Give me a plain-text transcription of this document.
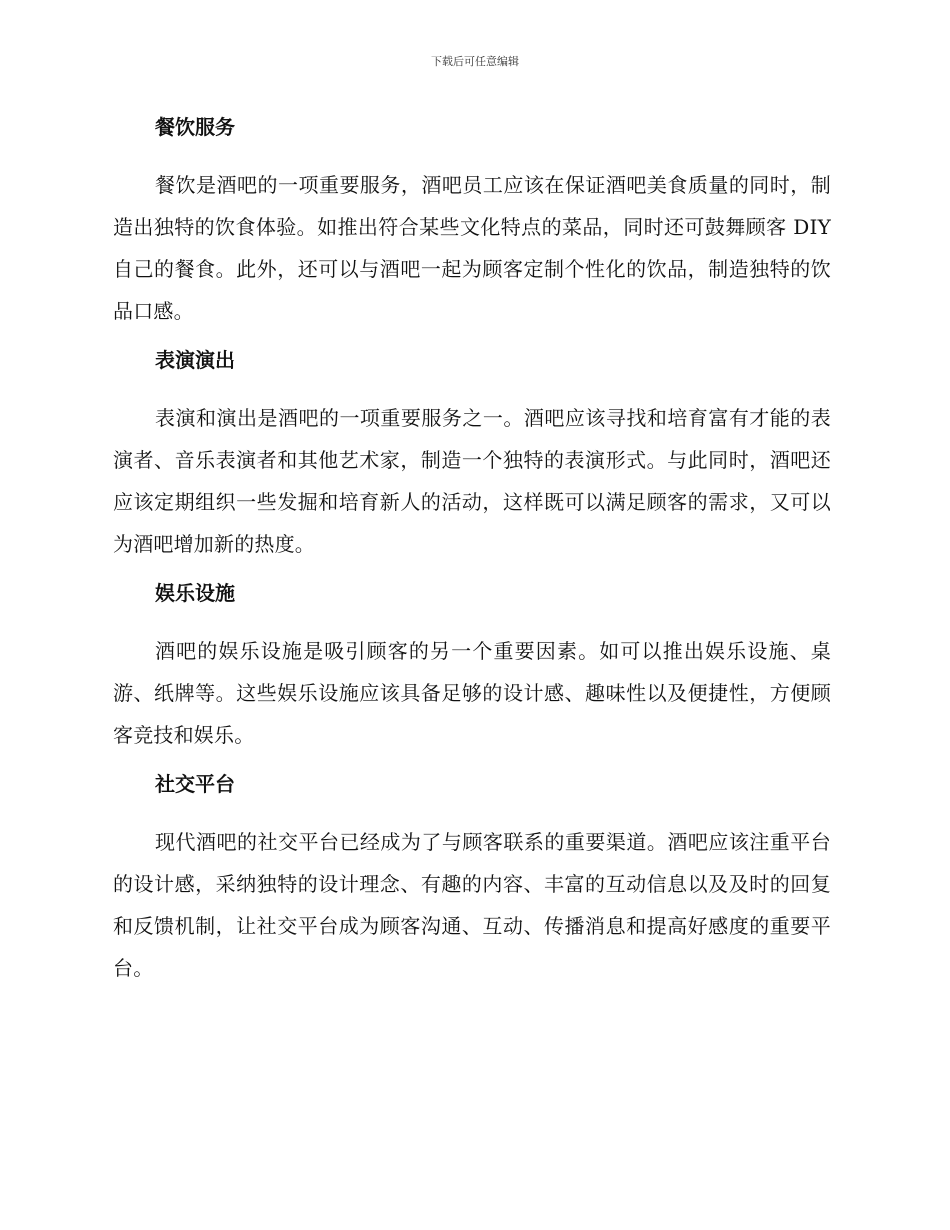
下载后可任意编辑
餐饮服务

餐饮是酒吧的一项重要服务，酒吧员工应该在保证酒吧美食质量的同时，制造出独特的饮食体验。如推出符合某些文化特点的菜品，同时还可鼓舞顾客 DIY 自己的餐食。此外，还可以与酒吧一起为顾客定制个性化的饮品，制造独特的饮品口感。

表演演出

表演和演出是酒吧的一项重要服务之一。酒吧应该寻找和培育富有才能的表演者、音乐表演者和其他艺术家，制造一个独特的表演形式。与此同时，酒吧还应该定期组织一些发掘和培育新人的活动，这样既可以满足顾客的需求，又可以为酒吧增加新的热度。

娱乐设施

酒吧的娱乐设施是吸引顾客的另一个重要因素。如可以推出娱乐设施、桌游、纸牌等。这些娱乐设施应该具备足够的设计感、趣味性以及便捷性，方便顾客竞技和娱乐。

社交平台

现代酒吧的社交平台已经成为了与顾客联系的重要渠道。酒吧应该注重平台的设计感，采纳独特的设计理念、有趣的内容、丰富的互动信息以及及时的回复和反馈机制，让社交平台成为顾客沟通、互动、传播消息和提高好感度的重要平台。
